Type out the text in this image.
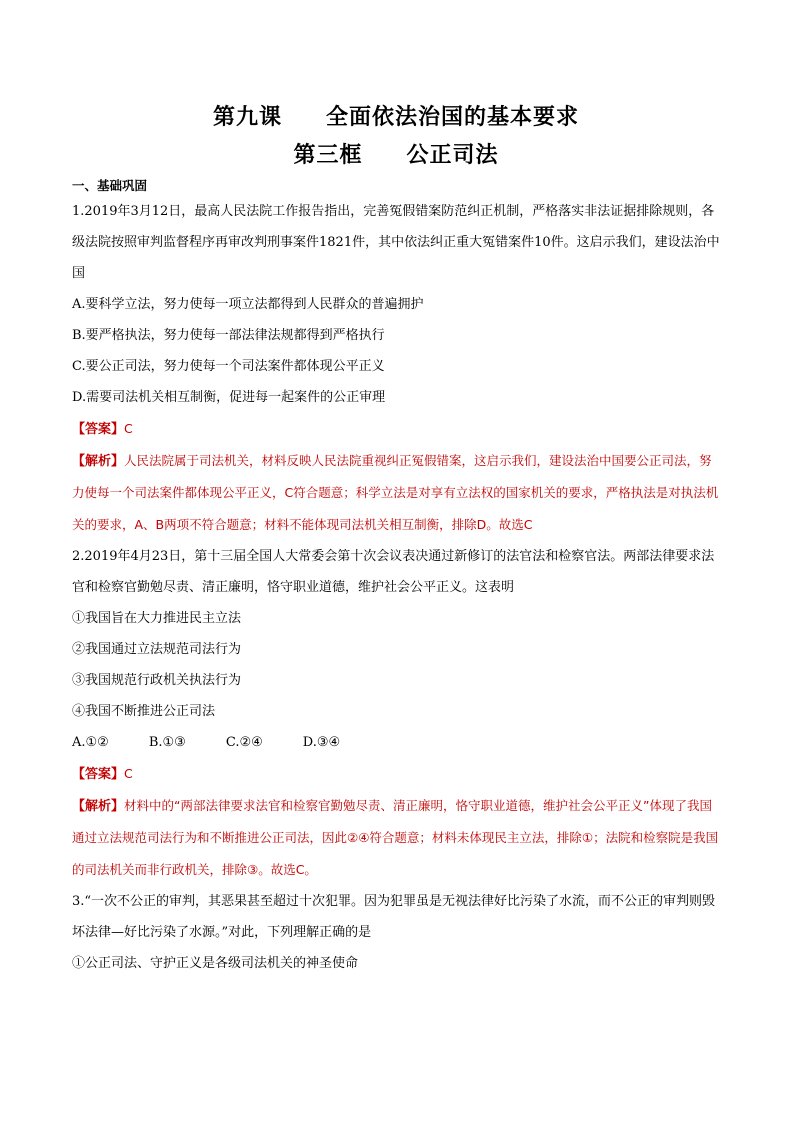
第九课 全面依法治国的基本要求
第三框 公正司法
一、基础巩固

1.2019年3月12日，最高人民法院工作报告指出，完善冤假错案防范纠正机制，严格落实非法证据排除规则，各级法院按照审判监督程序再审改判刑事案件1821件，其中依法纠正重大冤错案件10件。这启示我们，建设法治中国

A.要科学立法，努力使每一项立法都得到人民群众的普遍拥护

B.要严格执法，努力使每一部法律法规都得到严格执行

C.要公正司法，努力使每一个司法案件都体现公平正义

D.需要司法机关相互制衡，促进每一起案件的公正审理

【答案】C

【解析】人民法院属于司法机关，材料反映人民法院重视纠正冤假错案，这启示我们，建设法治中国要公正司法，努力使每一个司法案件都体现公平正义，C符合题意；科学立法是对享有立法权的国家机关的要求，严格执法是对执法机关的要求，A、B两项不符合题意；材料不能体现司法机关相互制衡，排除D。故选C

2.2019年4月23日，第十三届全国人大常委会第十次会议表决通过新修订的法官法和检察官法。两部法律要求法官和检察官勤勉尽责、清正廉明，恪守职业道德，维护社会公平正义。这表明

①我国旨在大力推进民主立法

②我国通过立法规范司法行为

③我国规范行政机关执法行为

④我国不断推进公正司法

A.①②	B.①③	C.②④	D.③④

【答案】C

【解析】材料中的“两部法律要求法官和检察官勤勉尽责、清正廉明，恪守职业道德，维护社会公平正义”体现了我国通过立法规范司法行为和不断推进公正司法，因此②④符合题意；材料未体现民主立法，排除①；法院和检察院是我国的司法机关而非行政机关，排除③。故选C。

3.“一次不公正的审判，其恶果甚至超过十次犯罪。因为犯罪虽是无视法律好比污染了水流，而不公正的审判则毁坏法律—好比污染了水源。”对此，下列理解正确的是

①公正司法、守护正义是各级司法机关的神圣使命
